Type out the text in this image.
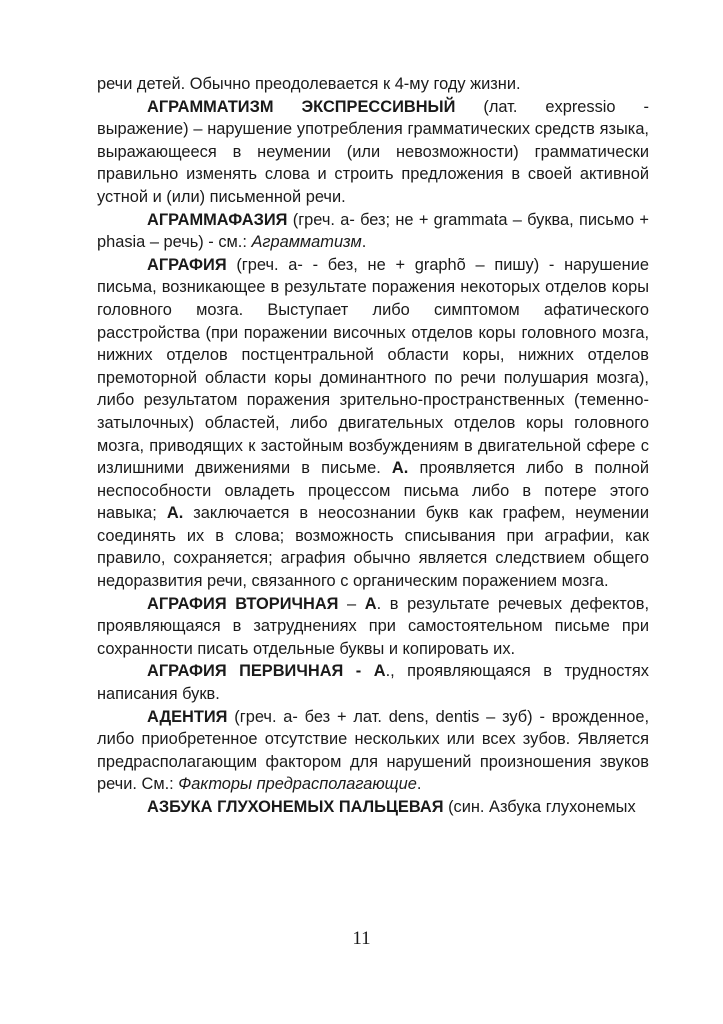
речи детей. Обычно преодолевается к 4-му году жизни.

АГРАММАТИЗМ ЭКСПРЕССИВНЫЙ (лат. expressio - выражение) – нарушение употребления грамматических средств языка, выражающееся в неумении (или невозможности) грамматически правильно изменять слова и строить предложения в своей активной устной и (или) письменной речи.

АГРАММАФАЗИЯ (греч. а- без; не + grammata – буква, письмо + phasia – речь) - см.: Аграмматизм.

АГРАФИЯ (греч. а- - без, не + graphõ – пишу) - нарушение письма, возникающее в результате поражения некоторых отделов коры головного мозга. Выступает либо симптомом афатического расстройства (при поражении височных отделов коры головного мозга, нижних отделов постцентральной области коры, нижних отделов премоторной области коры доминантного по речи полушария мозга), либо результатом поражения зрительно-пространственных (теменно-затылочных) областей, либо двигательных отделов коры головного мозга, приводящих к застойным возбуждениям в двигательной сфере с излишними движениями в письме. А. проявляется либо в полной неспособности овладеть процессом письма либо в потере этого навыка; А. заключается в неосознании букв как графем, неумении соединять их в слова; возможность списывания при аграфии, как правило, сохраняется; аграфия обычно является следствием общего недоразвития речи, связанного с органическим поражением мозга.

АГРАФИЯ ВТОРИЧНАЯ – А. в результате речевых дефектов, проявляющаяся в затруднениях при самостоятельном письме при сохранности писать отдельные буквы и копировать их.

АГРАФИЯ ПЕРВИЧНАЯ - А., проявляющаяся в трудностях написания букв.

АДЕНТИЯ (греч. а- без + лат. dens, dentis – зуб) - врожденное, либо приобретенное отсутствие нескольких или всех зубов. Является предрасполагающим фактором для нарушений произношения звуков речи. См.: Факторы предрасполагающие.

АЗБУКА ГЛУХОНЕМЫХ ПАЛЬЦЕВАЯ (син. Азбука глухонемых

11
